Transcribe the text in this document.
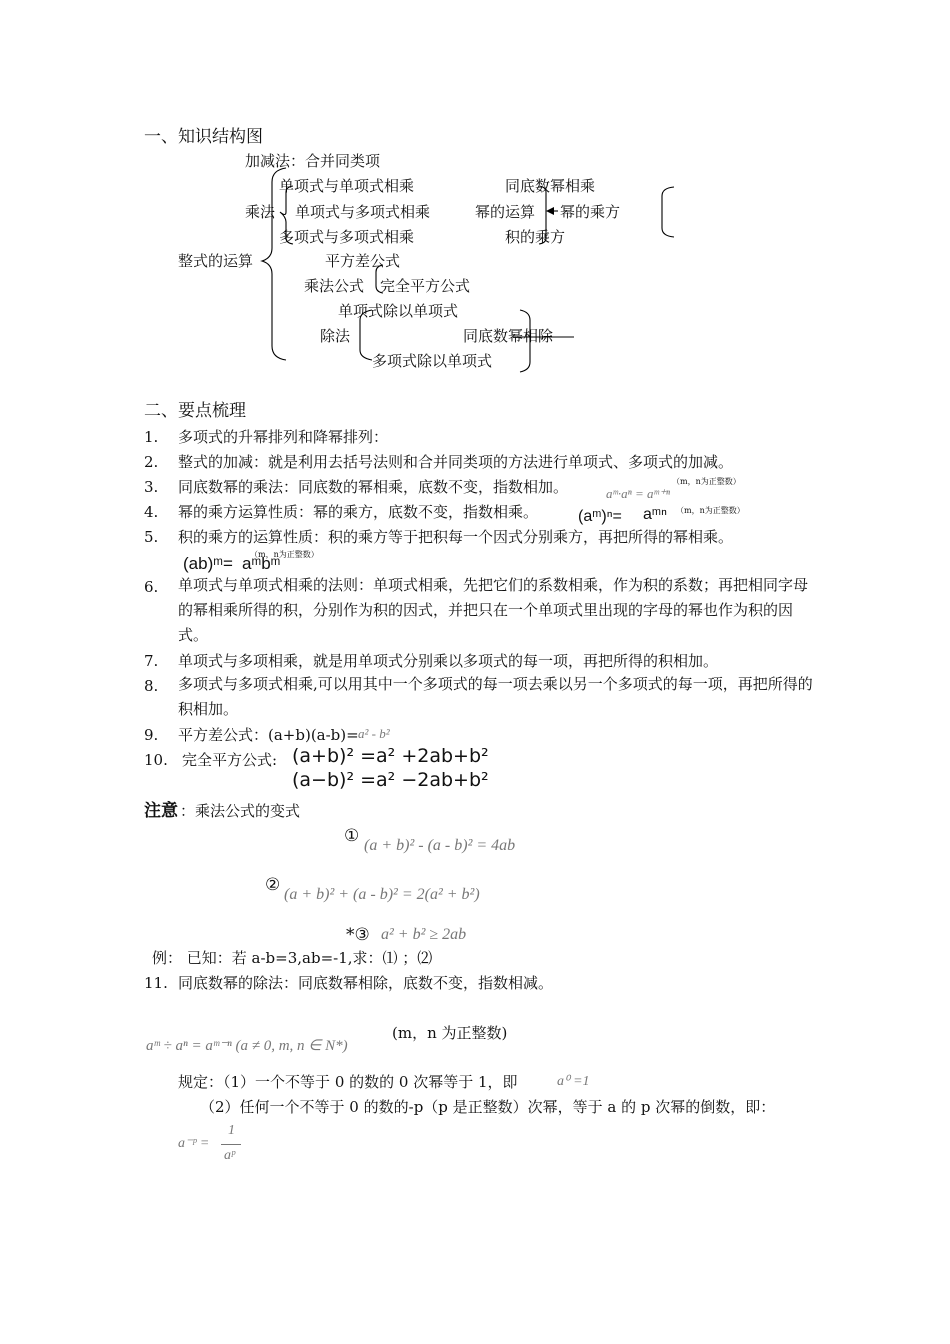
一、知识结构图
加减法：合并同类项
单项式与单项式相乘	同底数幂相乘
乘法 单项式与多项式相乘	幂的运算 幂的乘方
多项式与多项式相乘	积的乘方
整式的运算	平方差公式
乘法公式 完全平方公式
单项式除以单项式
除法	同底数幂相除
多项式除以单项式
二、要点梳理
1. 多项式的升幂排列和降幂排列：
2. 整式的加减：就是利用去括号法则和合并同类项的方法进行单项式、多项式的加减。
3. 同底数幂的乘法：同底数的幂相乘，底数不变，指数相加。	aᵐ·aⁿ = aᵐ⁺ⁿ
（m，n为正整数）
4. 幂的乘方运算性质：幂的乘方，底数不变，指数相乘。 (aᵐ)ⁿ= aᵐⁿ （m，n为正整数）
5. 积的乘方的运算性质：积的乘方等于把积每一个因式分别乘方，再把所得的幂相乘。
(ab)ᵐ= aᵐbᵐ
（m，n为正整数）
6. 单项式与单项式相乘的法则：单项式相乘，先把它们的系数相乘，作为积的系数；再把相同字母的幂相乘所得的积，分别作为积的因式，并把只在一个单项式里出现的字母的幂也作为积的因式。
7. 单项式与多项相乘，就是用单项式分别乘以多项式的每一项，再把所得的积相加。
8. 多项式与多项式相乘,可以用其中一个多项式的每一项去乘以另一个多项式的每一项，再把所得的积相加。
9. 平方差公式：(a+b)(a-b)= a² - b²
10. 完全平方公式: (a+b)² =a² +2ab+b²
(a−b)² =a² −2ab+b²
注意 ：乘法公式的变式
① (a + b)² - (a - b)² = 4ab
② (a + b)² + (a - b)² = 2(a² + b²)
*③ a² + b² ≥ 2ab
例： 已知：若 a-b=3,ab=-1,求：⑴ ；⑵
11. 同底数幂的除法：同底数幂相除，底数不变，指数相减。
aᵐ ÷ aⁿ = aᵐ⁻ⁿ (a ≠ 0, m, n ∈ N*)
(m，n 为正整数)
规定：（1）一个不等于 0 的数的 0 次幂等于 1，即	a⁰ =1
（2）任何一个不等于 0 的数的-p（p 是正整数）次幂，等于 a 的 p 次幂的倒数，即：
a⁻ᵖ =
1
aᵖ
